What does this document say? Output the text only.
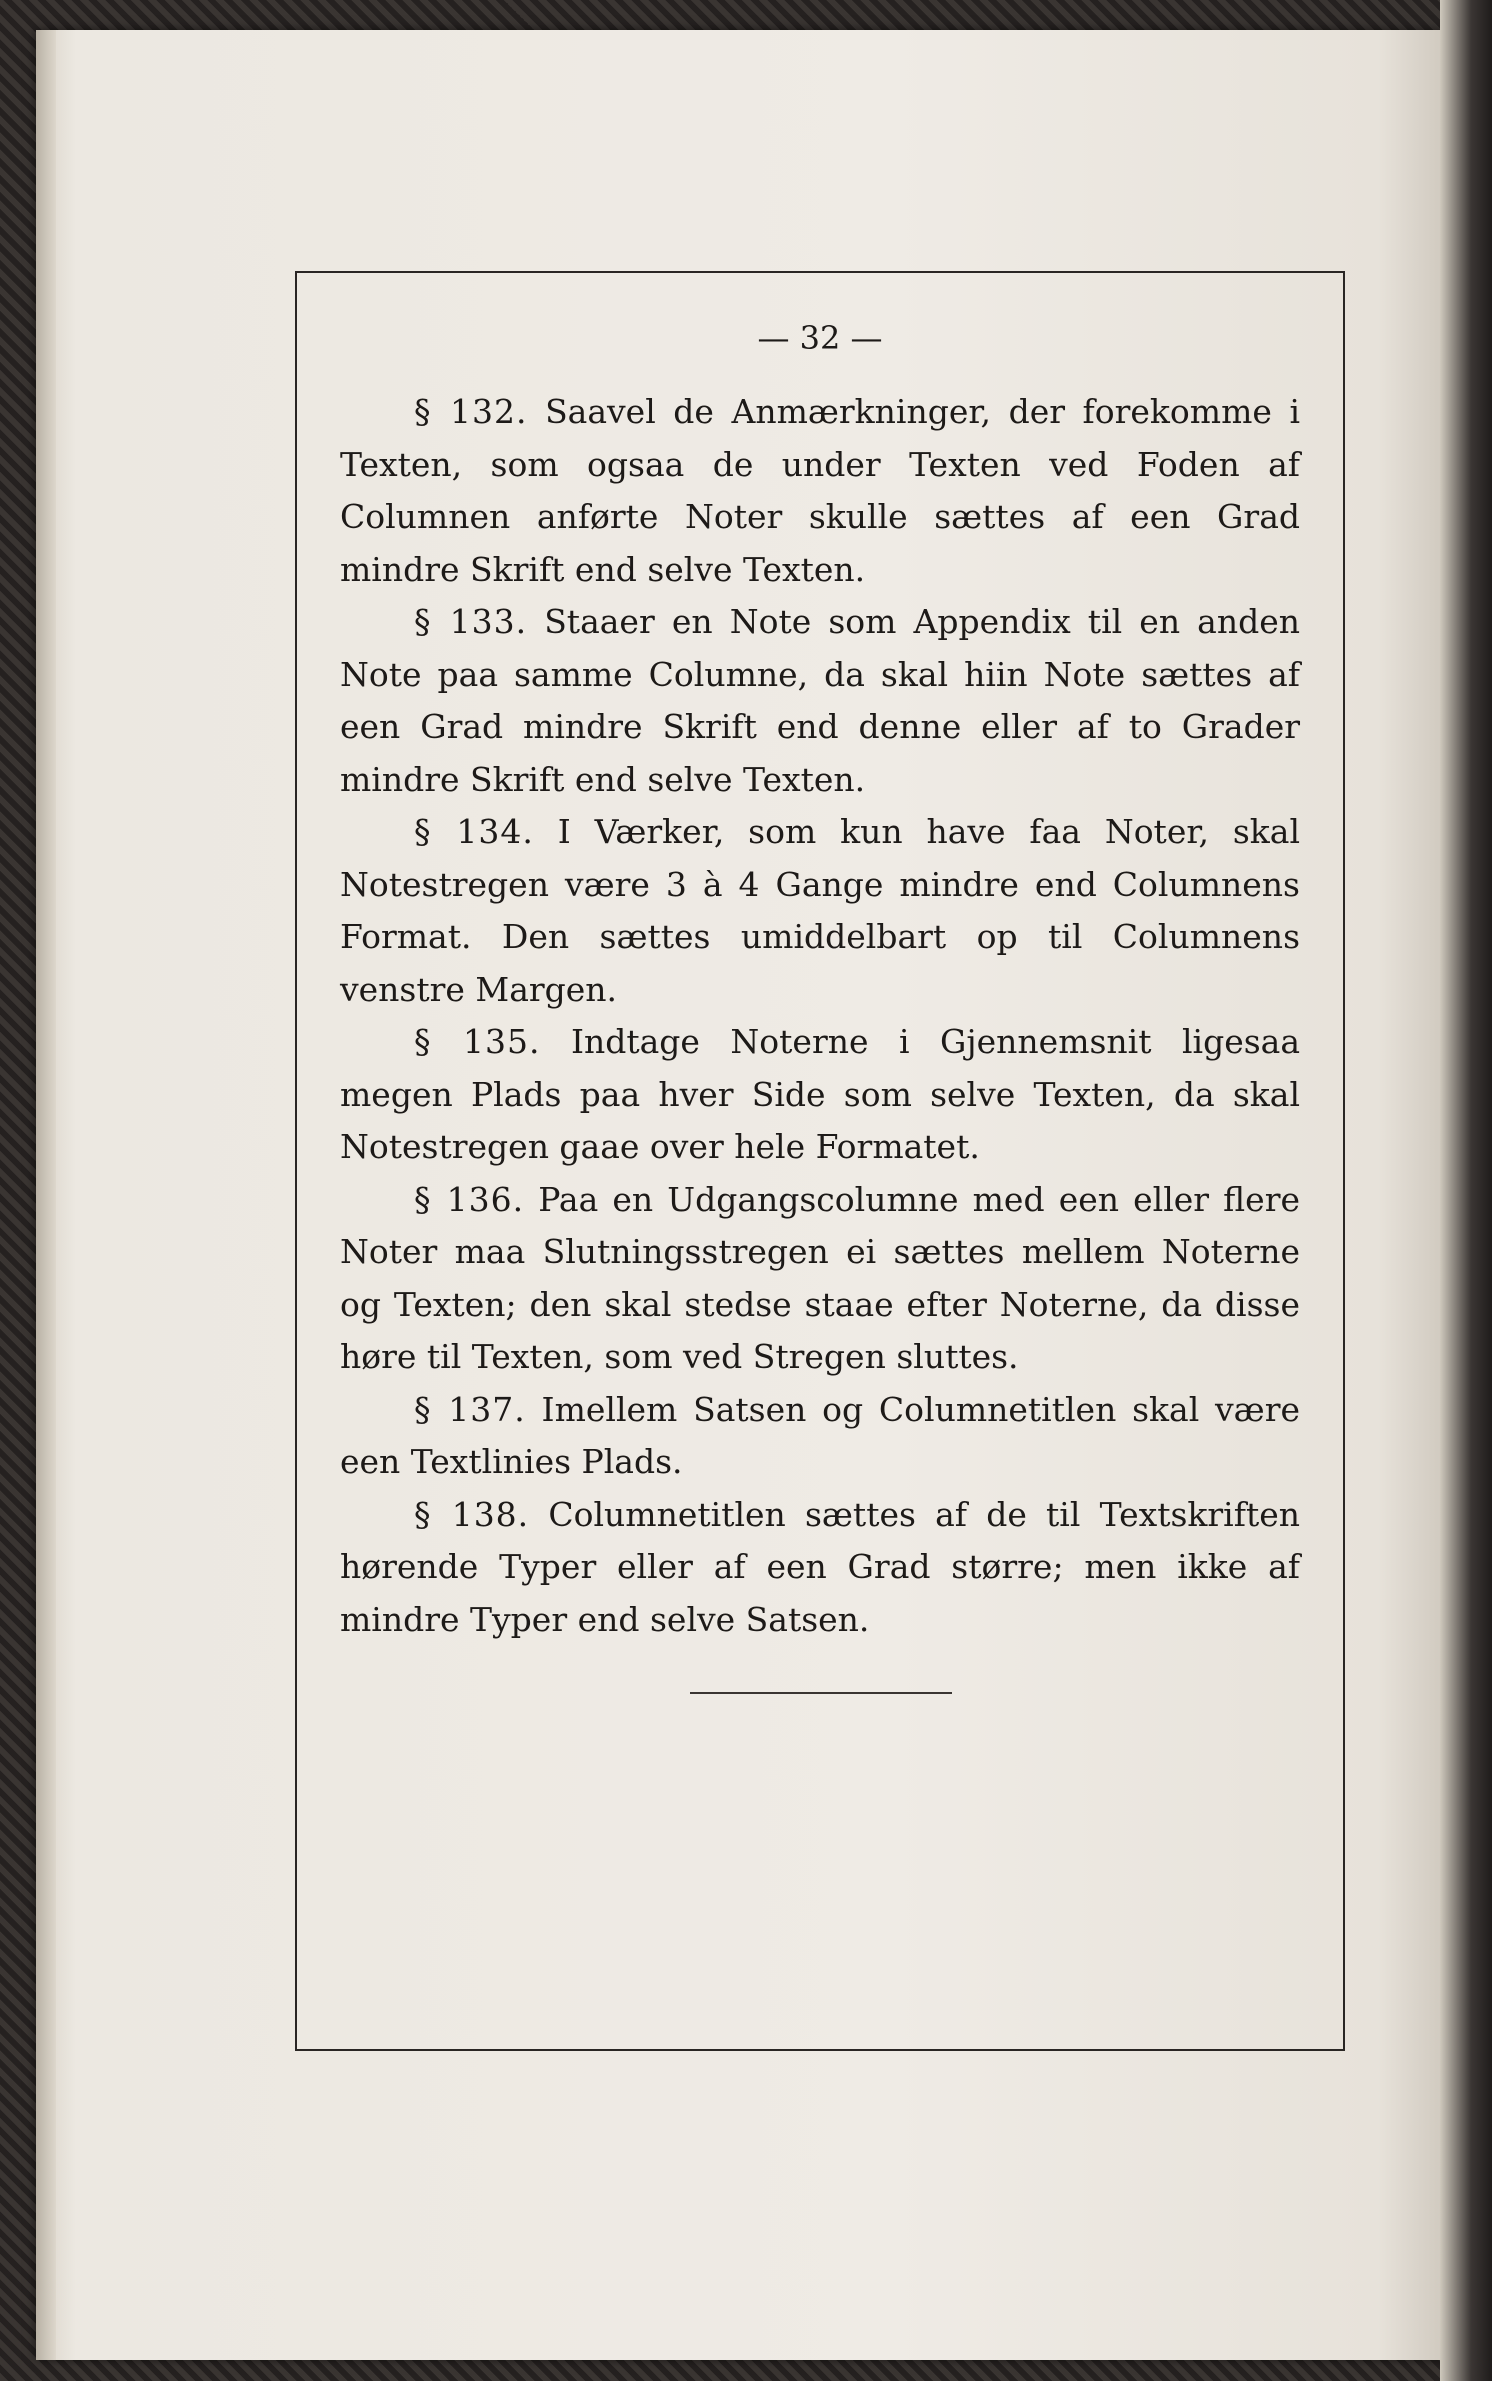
— 32 —

§ 132. Saavel de Anmærkninger, der forekomme i Texten, som ogsaa de under Texten ved Foden af Columnen anførte Noter skulle sættes af een Grad mindre Skrift end selve Texten.

§ 133. Staaer en Note som Appendix til en anden Note paa samme Columne, da skal hiin Note sættes af een Grad mindre Skrift end denne eller af to Grader mindre Skrift end selve Texten.

§ 134. I Værker, som kun have faa Noter, skal Notestregen være 3 à 4 Gange mindre end Columnens Format. Den sættes umiddelbart op til Columnens venstre Margen.

§ 135. Indtage Noterne i Gjennemsnit ligesaa megen Plads paa hver Side som selve Texten, da skal Notestregen gaae over hele Formatet.

§ 136. Paa en Udgangscolumne med een eller flere Noter maa Slutningsstregen ei sættes mellem Noterne og Texten; den skal stedse staae efter Noterne, da disse høre til Texten, som ved Stregen sluttes.

§ 137. Imellem Satsen og Columnetitlen skal være een Textlinies Plads.

§ 138. Columnetitlen sættes af de til Textskriften hørende Typer eller af een Grad større; men ikke af mindre Typer end selve Satsen.
